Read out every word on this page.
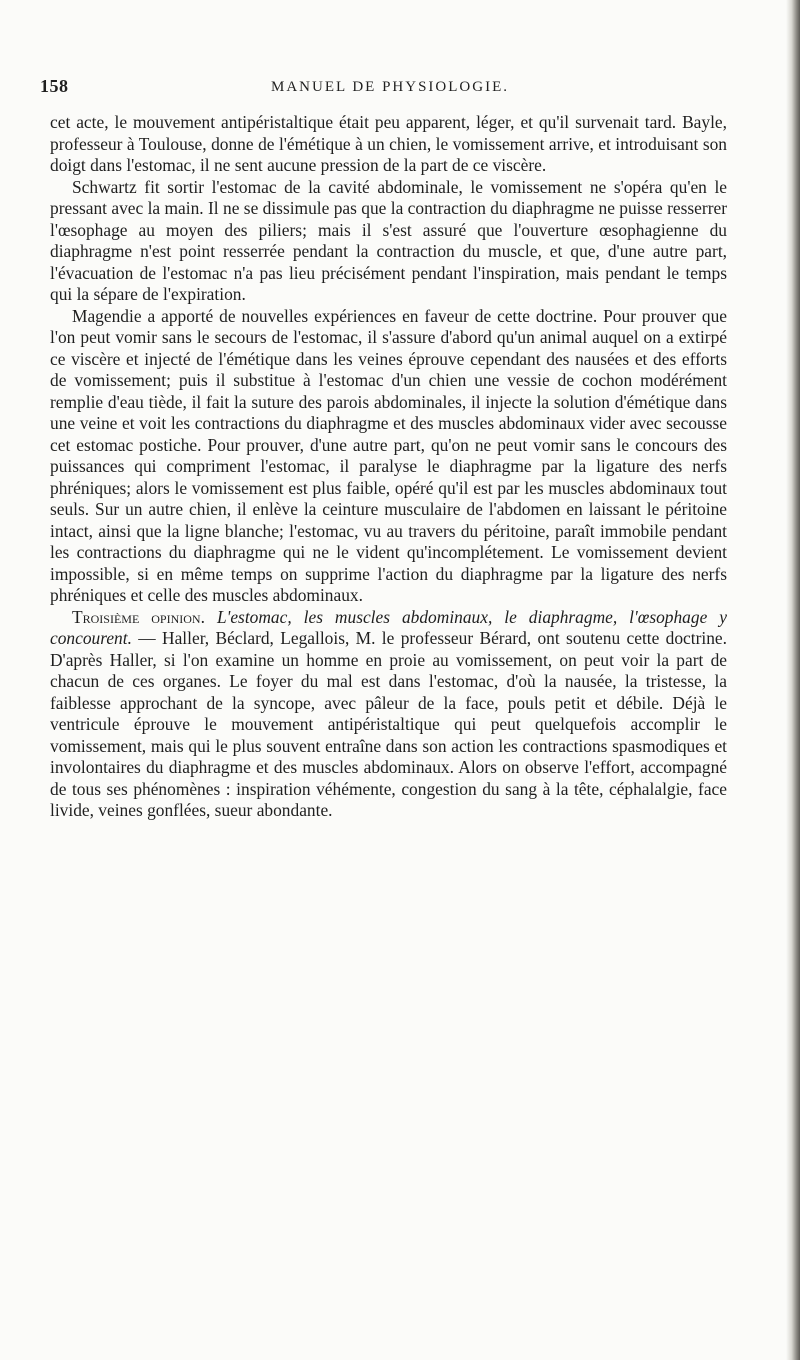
158	MANUEL DE PHYSIOLOGIE.

cet acte, le mouvement antipéristaltique était peu apparent, léger, et qu'il survenait tard. Bayle, professeur à Toulouse, donne de l'émétique à un chien, le vomissement arrive, et introduisant son doigt dans l'estomac, il ne sent aucune pression de la part de ce viscère.

Schwartz fit sortir l'estomac de la cavité abdominale, le vomissement ne s'opéra qu'en le pressant avec la main. Il ne se dissimule pas que la contraction du diaphragme ne puisse resserrer l'œsophage au moyen des piliers; mais il s'est assuré que l'ouverture œsophagienne du diaphragme n'est point resserrée pendant la contraction du muscle, et que, d'une autre part, l'évacuation de l'estomac n'a pas lieu précisément pendant l'inspiration, mais pendant le temps qui la sépare de l'expiration.

Magendie a apporté de nouvelles expériences en faveur de cette doctrine. Pour prouver que l'on peut vomir sans le secours de l'estomac, il s'assure d'abord qu'un animal auquel on a extirpé ce viscère et injecté de l'émétique dans les veines éprouve cependant des nausées et des efforts de vomissement; puis il substitue à l'estomac d'un chien une vessie de cochon modérément remplie d'eau tiède, il fait la suture des parois abdominales, il injecte la solution d'émétique dans une veine et voit les contractions du diaphragme et des muscles abdominaux vider avec secousse cet estomac postiche. Pour prouver, d'une autre part, qu'on ne peut vomir sans le concours des puissances qui compriment l'estomac, il paralyse le diaphragme par la ligature des nerfs phréniques; alors le vomissement est plus faible, opéré qu'il est par les muscles abdominaux tout seuls. Sur un autre chien, il enlève la ceinture musculaire de l'abdomen en laissant le péritoine intact, ainsi que la ligne blanche; l'estomac, vu au travers du péritoine, paraît immobile pendant les contractions du diaphragme qui ne le vident qu'incomplétement. Le vomissement devient impossible, si en même temps on supprime l'action du diaphragme par la ligature des nerfs phréniques et celle des muscles abdominaux.

Troisième opinion. L'estomac, les muscles abdominaux, le diaphragme, l'œsophage y concourent. — Haller, Béclard, Legallois, M. le professeur Bérard, ont soutenu cette doctrine. D'après Haller, si l'on examine un homme en proie au vomissement, on peut voir la part de chacun de ces organes. Le foyer du mal est dans l'estomac, d'où la nausée, la tristesse, la faiblesse approchant de la syncope, avec pâleur de la face, pouls petit et débile. Déjà le ventricule éprouve le mouvement antipéristaltique qui peut quelquefois accomplir le vomissement, mais qui le plus souvent entraîne dans son action les contractions spasmodiques et involontaires du diaphragme et des muscles abdominaux. Alors on observe l'effort, accompagné de tous ses phénomènes : inspiration véhémente, congestion du sang à la tête, céphalalgie, face livide, veines gonflées, sueur abondante.
